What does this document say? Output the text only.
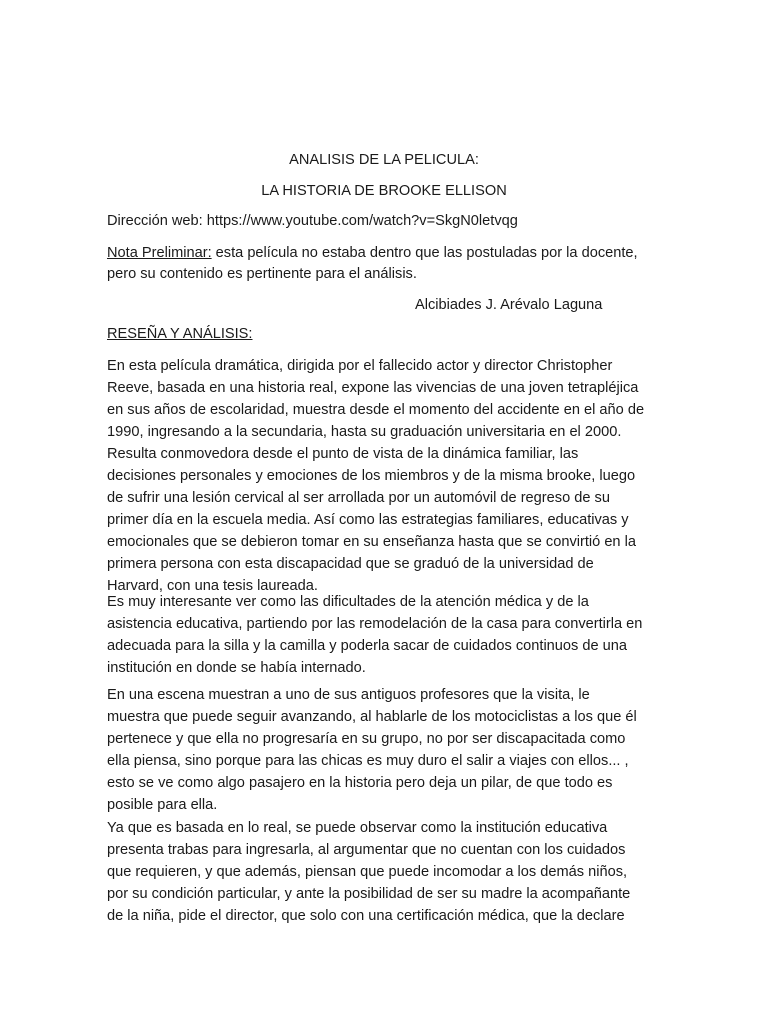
ANALISIS DE LA PELICULA:
LA HISTORIA DE BROOKE ELLISON
Dirección web: https://www.youtube.com/watch?v=SkgN0letvqg
Nota Preliminar: esta película no estaba dentro que las postuladas por la docente,
pero su contenido es pertinente para el análisis.
Alcibiades J. Arévalo Laguna
RESEÑA Y ANÁLISIS:
En esta película dramática, dirigida por el fallecido actor y director Christopher
Reeve, basada en una historia real, expone las vivencias de una joven tetrapléjica
en sus años de escolaridad, muestra desde el momento del accidente en el año de
1990, ingresando a la secundaria, hasta su graduación universitaria en el 2000.
Resulta conmovedora desde el punto de vista de la dinámica familiar, las
decisiones personales y emociones de los miembros y de la misma brooke, luego
de sufrir una lesión cervical al ser arrollada por un automóvil de regreso de su
primer día en la escuela media. Así como las estrategias familiares, educativas y
emocionales que se debieron tomar en su enseñanza hasta que se convirtió en la
primera persona con esta discapacidad que se graduó de la universidad de
Harvard, con una tesis laureada.
Es muy interesante ver como las dificultades de la atención médica y de la
asistencia educativa, partiendo por las remodelación de la casa para convertirla en
adecuada para la silla y la camilla y poderla sacar de cuidados continuos de una
institución en donde se había internado.
En una escena muestran a uno de sus antiguos profesores que la visita, le
muestra que puede seguir avanzando, al hablarle de los motociclistas a los que él
pertenece y que ella no progresaría en su grupo, no por ser discapacitada como
ella piensa, sino porque para las chicas es muy duro el salir a viajes con ellos... ,
esto se ve como algo pasajero en la historia pero deja un pilar, de que todo es
posible para ella.
Ya que es basada en lo real, se puede observar como la institución educativa
presenta trabas para ingresarla, al argumentar que no cuentan con los cuidados
que requieren, y que además, piensan que puede incomodar a los demás niños,
por su condición particular, y ante la posibilidad de ser su madre la acompañante
de la niña, pide el director, que solo con una certificación médica, que la declare
